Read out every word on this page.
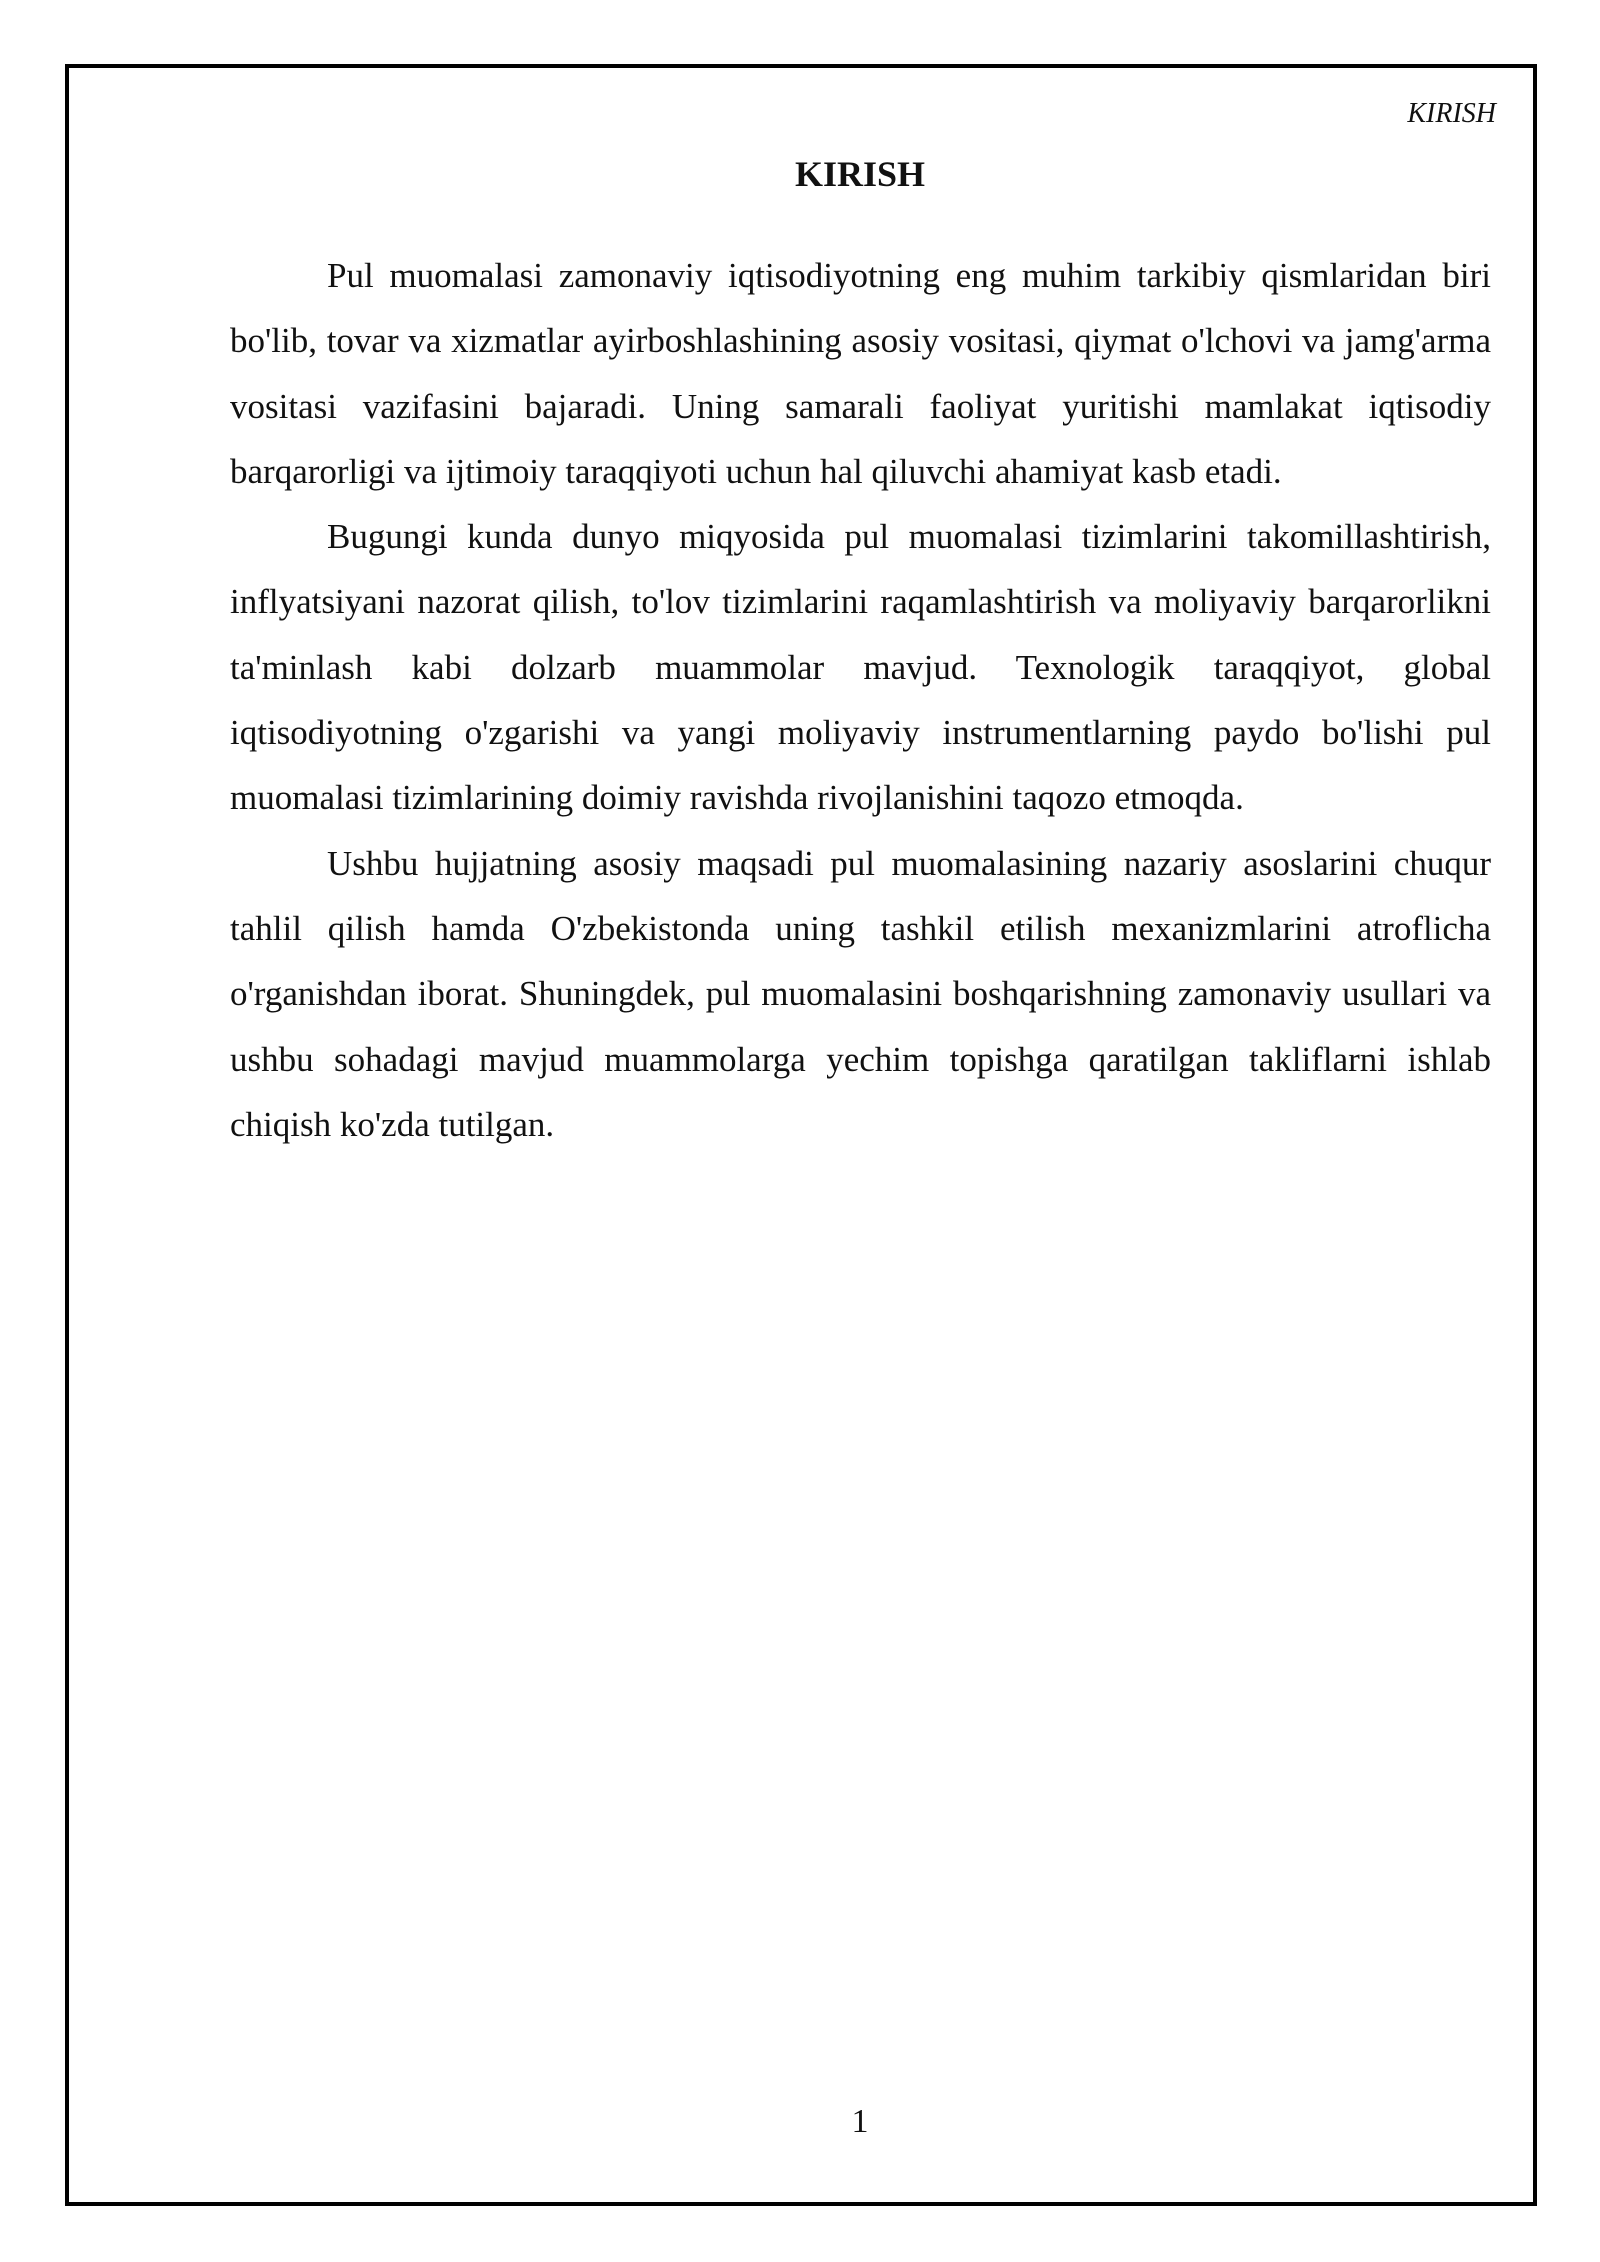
KIRISH
KIRISH

Pul muomalasi zamonaviy iqtisodiyotning eng muhim tarkibiy qismlaridan biri bo'lib, tovar va xizmatlar ayirboshlashining asosiy vositasi, qiymat o'lchovi va jamg'arma vositasi vazifasini bajaradi. Uning samarali faoliyat yuritishi mamlakat iqtisodiy barqarorligi va ijtimoiy taraqqiyoti uchun hal qiluvchi ahamiyat kasb etadi.

Bugungi kunda dunyo miqyosida pul muomalasi tizimlarini takomillashtirish, inflyatsiyani nazorat qilish, to'lov tizimlarini raqamlashtirish va moliyaviy barqarorlikni ta'minlash kabi dolzarb muammolar mavjud. Texnologik taraqqiyot, global iqtisodiyotning o'zgarishi va yangi moliyaviy instrumentlarning paydo bo'lishi pul muomalasi tizimlarining doimiy ravishda rivojlanishini taqozo etmoqda.

Ushbu hujjatning asosiy maqsadi pul muomalasining nazariy asoslarini chuqur tahlil qilish hamda O'zbekistonda uning tashkil etilish mexanizmlarini atroflicha o'rganishdan iborat. Shuningdek, pul muomalasini boshqarishning zamonaviy usullari va ushbu sohadagi mavjud muammolarga yechim topishga qaratilgan takliflarni ishlab chiqish ko'zda tutilgan.

1
